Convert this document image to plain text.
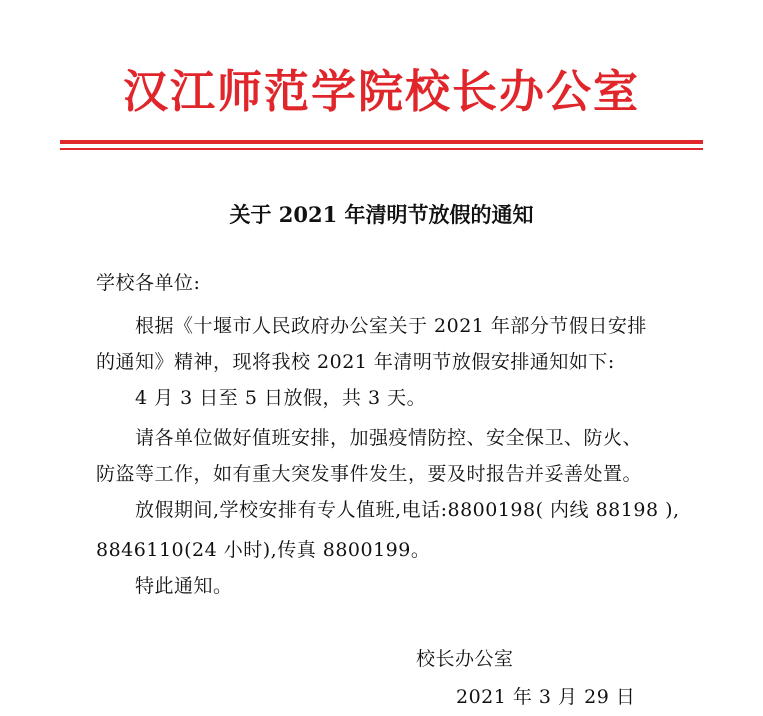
汉江师范学院校长办公室
关于 2021 年清明节放假的通知
学校各单位:
根据《十堰市人民政府办公室关于 2021 年部分节假日安排
的通知》精神，现将我校 2021 年清明节放假安排通知如下:
4 月 3 日至 5 日放假，共 3 天。
请各单位做好值班安排，加强疫情防控、安全保卫、防火、
防盗等工作，如有重大突发事件发生，要及时报告并妥善处置。
放假期间,学校安排有专人值班,电话:8800198( 内线 88198 ),
8846110(24 小时),传真 8800199。
特此通知。
校长办公室
2021 年 3 月 29 日
